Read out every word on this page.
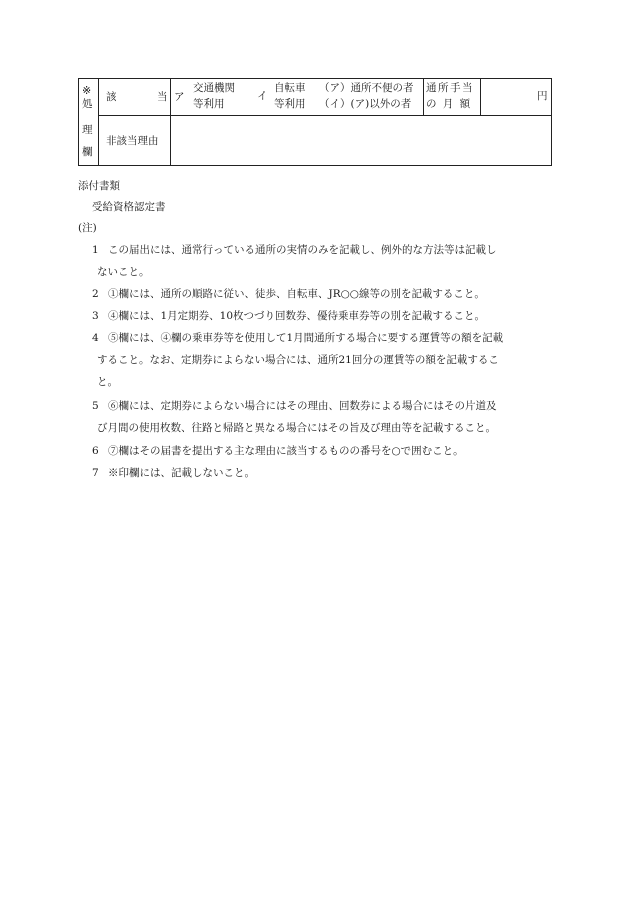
※
処
理
欄
該	当 ア
交通機関
等利用
イ
自転車
等利用
（ア）通所不便の者
（イ）(ア)以外の者
通所手当
の 月 額
円
非該当理由
添付書類
受給資格認定書
(注)
1 この届出には、通常行っている通所の実情のみを記載し、例外的な方法等は記載し
ないこと。
2 ①欄には、通所の順路に従い、徒歩、自転車、JR○○線等の別を記載すること。
3 ④欄には、1月定期券、10枚つづり回数券、優待乗車券等の別を記載すること。
4 ⑤欄には、④欄の乗車券等を使用して1月間通所する場合に要する運賃等の額を記載
すること。なお、定期券によらない場合には、通所21回分の運賃等の額を記載するこ
と。
5 ⑥欄には、定期券によらない場合にはその理由、回数券による場合にはその片道及
び月間の使用枚数、往路と帰路と異なる場合にはその旨及び理由等を記載すること。
6 ⑦欄はその届書を提出する主な理由に該当するものの番号を○で囲むこと。
7 ※印欄には、記載しないこと。
